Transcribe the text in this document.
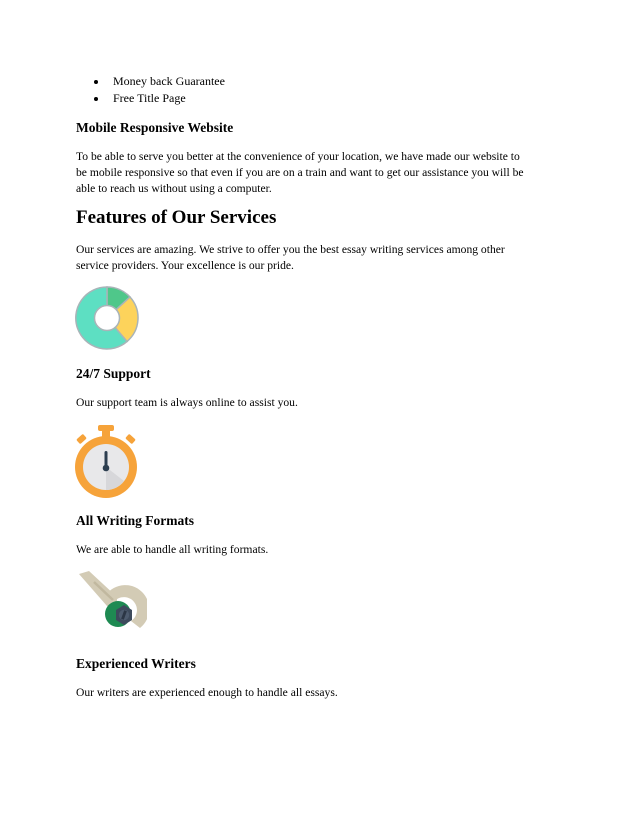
Money back Guarantee
Free Title Page
Mobile Responsive Website

To be able to serve you better at the convenience of your location, we have made our website to
be mobile responsive so that even if you are on a train and want to get our assistance you will be
able to reach us without using a computer.

Features of Our Services

Our services are amazing. We strive to offer you the best essay writing services among other
service providers. Your excellence is our pride.

24/7 Support

Our support team is always online to assist you.

All Writing Formats

We are able to handle all writing formats.

Experienced Writers

Our writers are experienced enough to handle all essays.
